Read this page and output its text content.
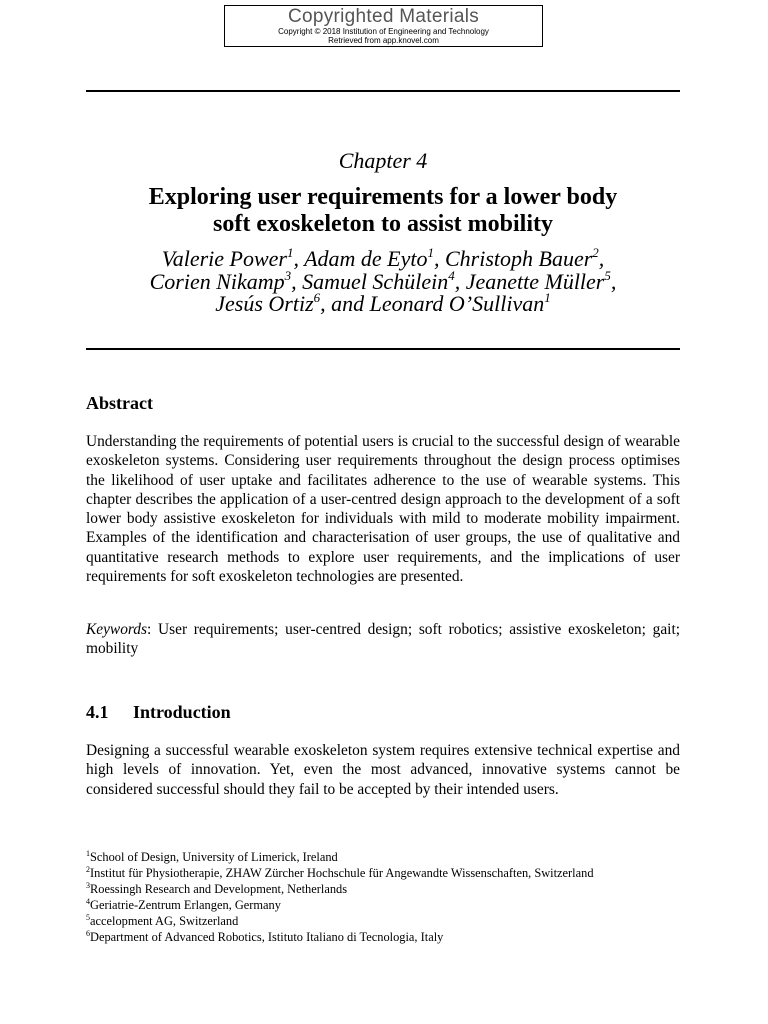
Copyrighted Materials
Copyright © 2018 Institution of Engineering and Technology
Retrieved from app.knovel.com
Chapter 4
Exploring user requirements for a lower body
soft exoskeleton to assist mobility
Valerie Power$^1$, Adam de Eyto$^1$, Christoph Bauer$^2$,
Corien Nikamp$^3$, Samuel Schülein$^4$, Jeanette Müller$^5$,
Jesús Ortiz$^6$, and Leonard O’Sullivan$^1$
Abstract
Understanding the requirements of potential users is crucial to the successful design of wearable exoskeleton systems. Considering user requirements throughout the design process optimises the likelihood of user uptake and facilitates adherence to the use of wearable systems. This chapter describes the application of a user-centred design approach to the development of a soft lower body assistive exoskeleton for individuals with mild to moderate mobility impairment. Examples of the identification and characterisation of user groups, the use of qualitative and quantitative research methods to explore user requirements, and the implications of user requirements for soft exoskeleton technologies are presented.
Keywords: User requirements; user-centred design; soft robotics; assistive exoskeleton; gait; mobility
4.1 Introduction
Designing a successful wearable exoskeleton system requires extensive technical expertise and high levels of innovation. Yet, even the most advanced, innovative systems cannot be considered successful should they fail to be accepted by their intended users.
$^1$School of Design, University of Limerick, Ireland
$^2$Institut für Physiotherapie, ZHAW Zürcher Hochschule für Angewandte Wissenschaften, Switzerland
$^3$Roessingh Research and Development, Netherlands
$^4$Geriatrie-Zentrum Erlangen, Germany
$^5$accelopment AG, Switzerland
$^6$Department of Advanced Robotics, Istituto Italiano di Tecnologia, Italy
